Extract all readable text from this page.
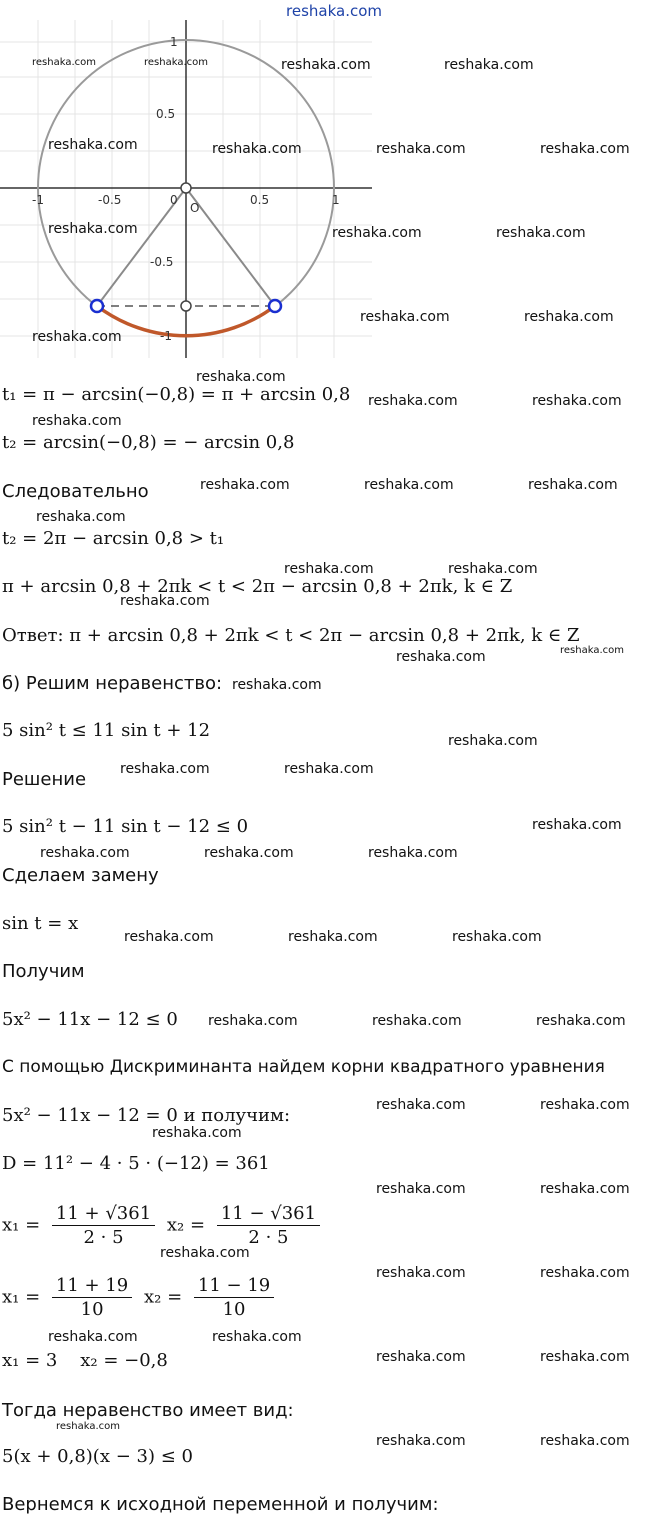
reshaka.com
-1	-0.5	0	0.5	1
1
0.5
-0.5
-1
O
t₁ = π − arcsin(−0,8) = π + arcsin 0,8
t₂ = arcsin(−0,8) = − arcsin 0,8
Следовательно
t₂ = 2π − arcsin 0,8 > t₁
π + arcsin 0,8 + 2πk < t < 2π − arcsin 0,8 + 2πk, k ∈ Z
Ответ: π + arcsin 0,8 + 2πk < t < 2π − arcsin 0,8 + 2πk, k ∈ Z
б) Решим неравенство:
5 sin² t ≤ 11 sin t + 12
Решение
5 sin² t − 11 sin t − 12 ≤ 0
Сделаем замену
sin t = x
Получим
5x² − 11x − 12 ≤ 0
С помощью Дискриминанта найдем корни квадратного уравнения
5x² − 11x − 12 = 0 и получим:
D = 11² − 4 · 5 · (−12) = 361
$x_1 = \frac{11 + √361}{2 \cdot 5} x_2 = \frac{11 - √361}{2 \cdot 5}$
$x_1 = \frac{11 + 19}{10} x_2 = \frac{11 - 19}{10}$
x₁ = 3    x₂ = −0,8
Тогда неравенство имеет вид:
5(x + 0,8)(x − 3) ≤ 0
Вернемся к исходной переменной и получим:
reshaka.com	reshaka.com	reshaka.com	reshaka.com
reshaka.com	reshaka.com	reshaka.com	reshaka.com
reshaka.com	reshaka.com	reshaka.com
reshaka.com	reshaka.com
reshaka.com
reshaka.com
reshaka.com	reshaka.com
reshaka.com
reshaka.com	reshaka.com	reshaka.com
reshaka.com
reshaka.com	reshaka.com
reshaka.com
reshaka.com	reshaka.com
reshaka.com
reshaka.com
reshaka.com	reshaka.com
reshaka.com
reshaka.com	reshaka.com	reshaka.com
reshaka.com	reshaka.com	reshaka.com
reshaka.com	reshaka.com	reshaka.com
reshaka.com	reshaka.com
reshaka.com
reshaka.com	reshaka.com
reshaka.com
reshaka.com	reshaka.com
reshaka.com	reshaka.com
reshaka.com	reshaka.com
reshaka.com
reshaka.com	reshaka.com
